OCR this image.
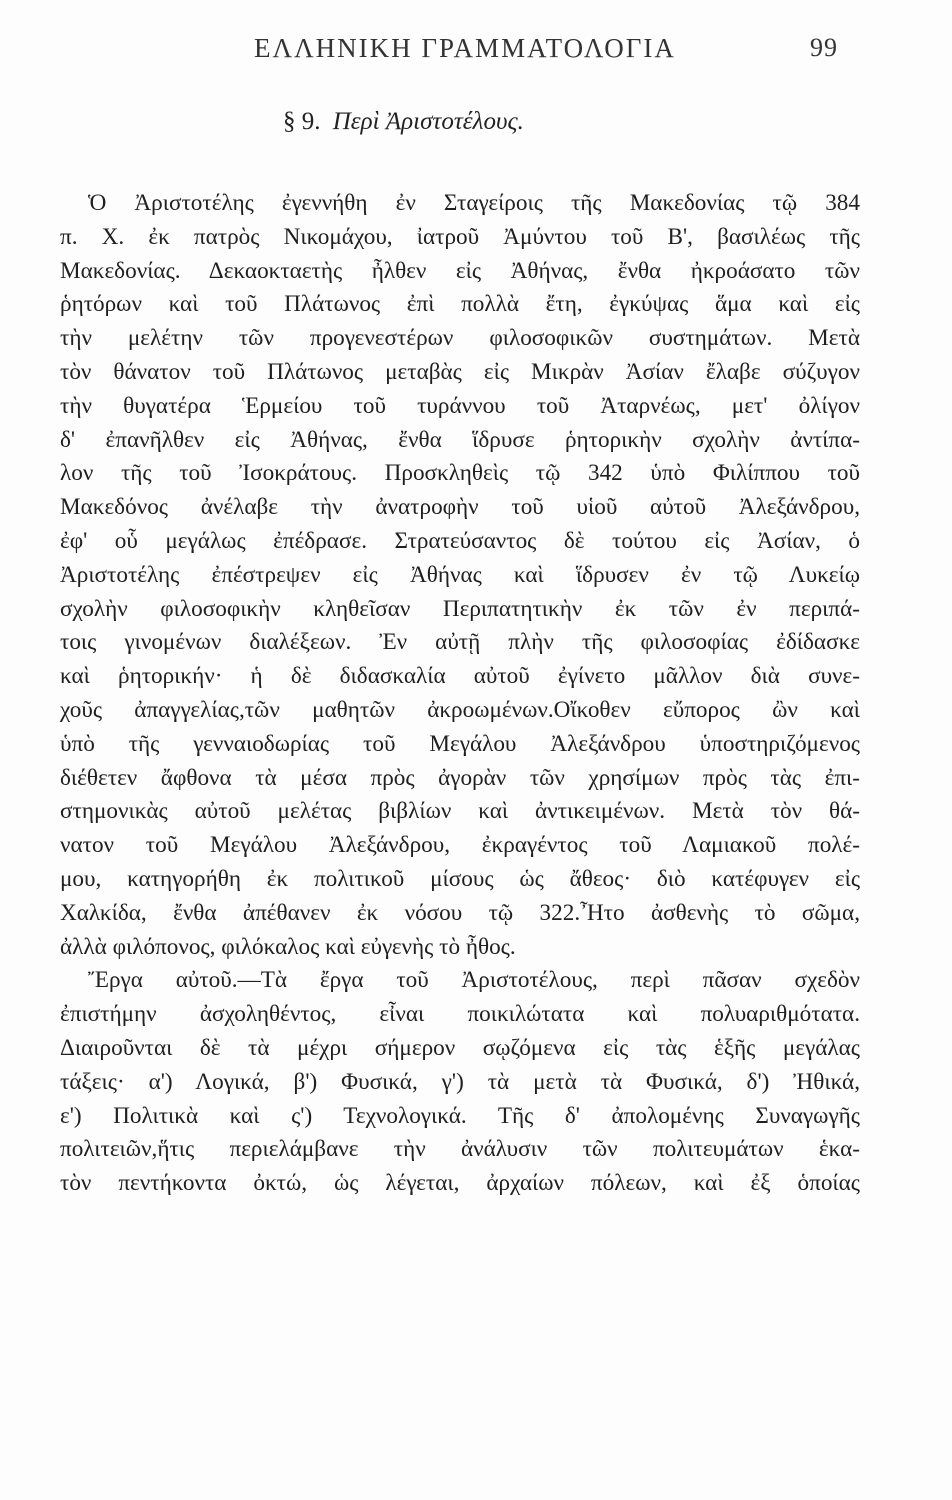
ΕΛΛΗΝΙΚΗ ΓΡΑΜΜΑΤΟΛΟΓΙΑ	99
§ 9. Περὶ Ἀριστοτέλους.
Ὁ Ἀριστοτέλης ἐγεννήθη ἐν Σταγείροις τῆς Μακεδονίας τῷ 384
π. Χ. ἐκ πατρὸς Νικομάχου, ἰατροῦ Ἀμύντου τοῦ Β', βασιλέως τῆς
Μακεδονίας. Δεκαοκταετὴς ἦλθεν εἰς Ἀθήνας, ἔνθα ἠκροάσατο τῶν
ῥητόρων καὶ τοῦ Πλάτωνος ἐπὶ πολλὰ ἔτη, ἐγκύψας ἅμα καὶ εἰς
τὴν μελέτην τῶν προγενεστέρων φιλοσοφικῶν συστημάτων. Μετὰ
τὸν θάνατον τοῦ Πλάτωνος μεταβὰς εἰς Μικρὰν Ἀσίαν ἔλαβε σύζυγον
τὴν θυγατέρα Ἑρμείου τοῦ τυράννου τοῦ Ἀταρνέως, μετ' ὀλίγον
δ' ἐπανῆλθεν εἰς Ἀθήνας, ἔνθα ἵδρυσε ῥητορικὴν σχολὴν ἀντίπα-
λον τῆς τοῦ Ἰσοκράτους. Προσκληθεὶς τῷ 342 ὑπὸ Φιλίππου τοῦ
Μακεδόνος ἀνέλαβε τὴν ἀνατροφὴν τοῦ υἱοῦ αὐτοῦ Ἀλεξάνδρου,
ἐφ' οὗ μεγάλως ἐπέδρασε. Στρατεύσαντος δὲ τούτου εἰς Ἀσίαν, ὁ
Ἀριστοτέλης ἐπέστρεψεν εἰς Ἀθήνας καὶ ἵδρυσεν ἐν τῷ Λυκείῳ
σχολὴν φιλοσοφικὴν κληθεῖσαν Περιπατητικὴν ἐκ τῶν ἐν περιπά-
τοις γινομένων διαλέξεων. Ἐν αὐτῇ πλὴν τῆς φιλοσοφίας ἐδίδασκε
καὶ ῥητορικήν· ἡ δὲ διδασκαλία αὐτοῦ ἐγίνετο μᾶλλον διὰ συνε-
χοῦς ἀπαγγελίας,τῶν μαθητῶν ἀκροωμένων.Οἴκοθεν εὔπορος ὢν καὶ
ὑπὸ τῆς γενναιοδωρίας τοῦ Μεγάλου Ἀλεξάνδρου ὑποστηριζόμενος
διέθετεν ἄφθονα τὰ μέσα πρὸς ἀγορὰν τῶν χρησίμων πρὸς τὰς ἐπι-
στημονικὰς αὐτοῦ μελέτας βιβλίων καὶ ἀντικειμένων. Μετὰ τὸν θά-
νατον τοῦ Μεγάλου Ἀλεξάνδρου, ἐκραγέντος τοῦ Λαμιακοῦ πολέ-
μου, κατηγορήθη ἐκ πολιτικοῦ μίσους ὡς ἄθεος· διὸ κατέφυγεν εἰς
Χαλκίδα, ἔνθα ἀπέθανεν ἐκ νόσου τῷ 322.Ἦτο ἀσθενὴς τὸ σῶμα,
ἀλλὰ φιλόπονος, φιλόκαλος καὶ εὐγενὴς τὸ ἦθος.
Ἔργα αὐτοῦ.—Τὰ ἔργα τοῦ Ἀριστοτέλους, περὶ πᾶσαν σχεδὸν
ἐπιστήμην ἀσχοληθέντος, εἶναι ποικιλώτατα καὶ πολυαριθμότατα.
Διαιροῦνται δὲ τὰ μέχρι σήμερον σῳζόμενα εἰς τὰς ἑξῆς μεγάλας
τάξεις· α') Λογικά, β') Φυσικά, γ') τὰ μετὰ τὰ Φυσικά, δ') Ἠθικά,
ε') Πολιτικὰ καὶ ς') Τεχνολογικά. Τῆς δ' ἀπολομένης Συναγωγῆς
πολιτειῶν,ἥτις περιελάμβανε τὴν ἀνάλυσιν τῶν πολιτευμάτων ἑκα-
τὸν πεντήκοντα ὀκτώ, ὡς λέγεται, ἀρχαίων πόλεων, καὶ ἐξ ὁποίας
